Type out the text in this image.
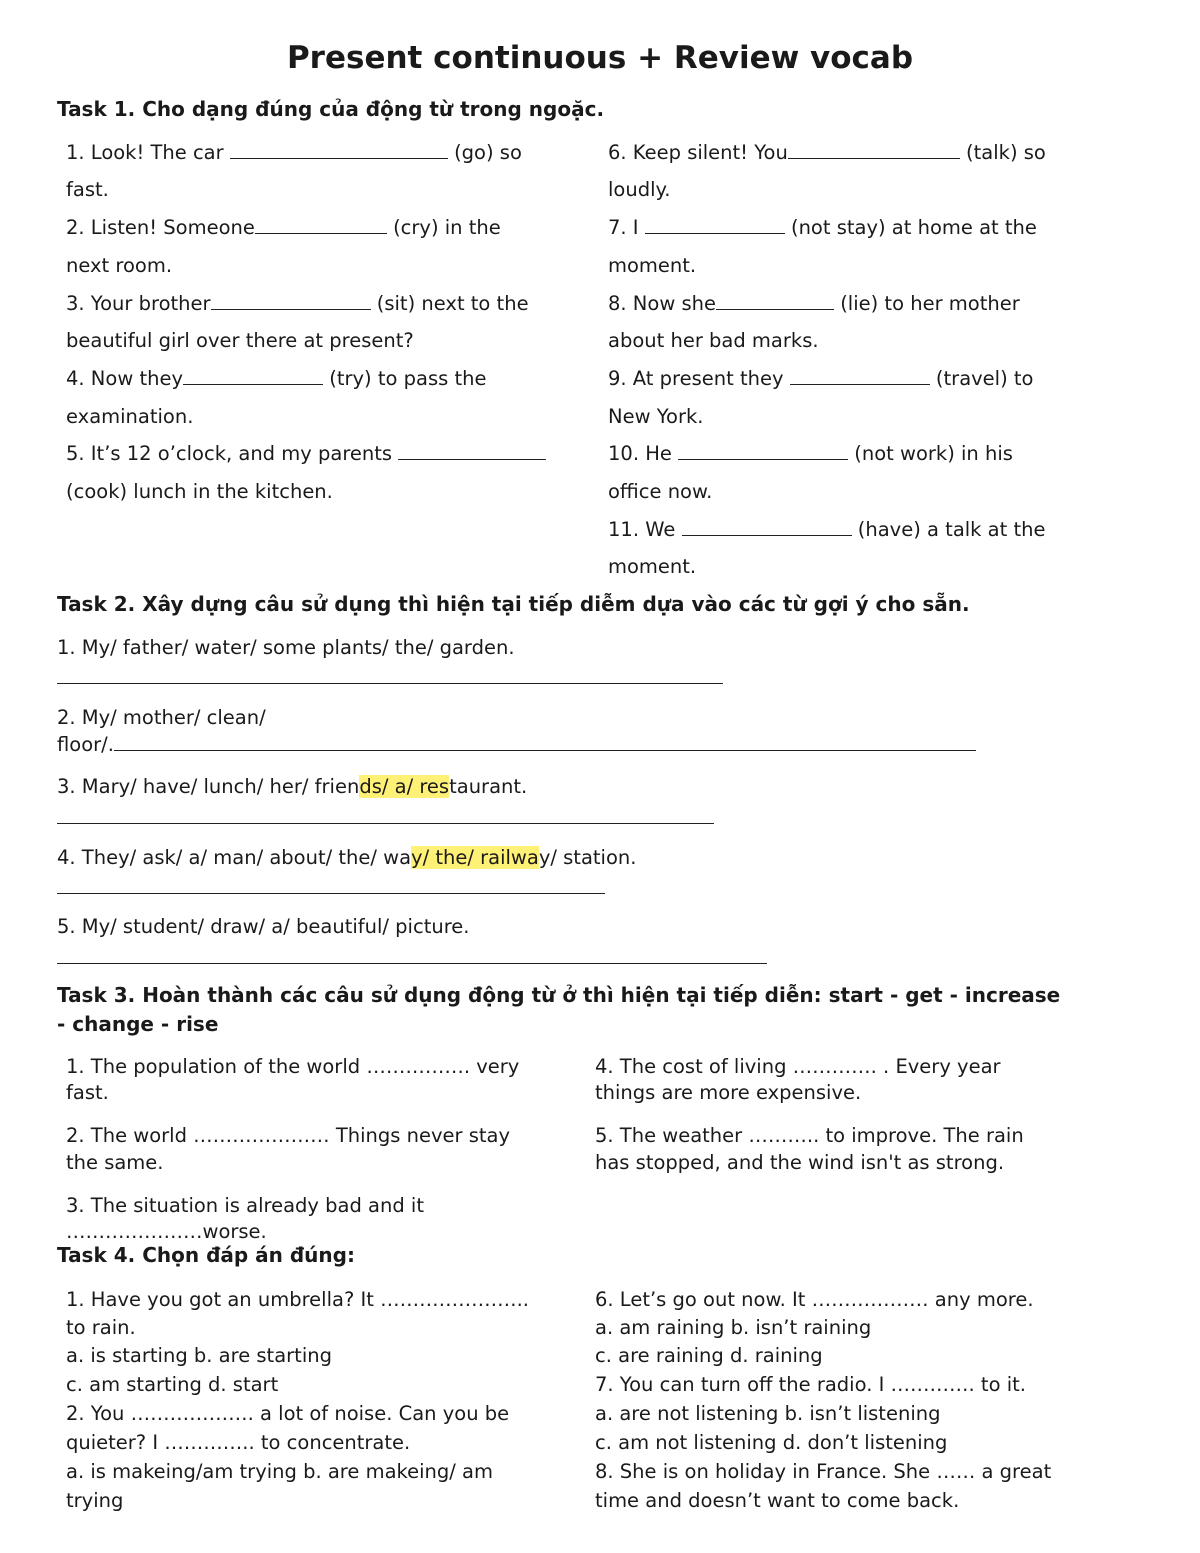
Present continuous + Review vocab
Task 1. Cho dạng đúng của động từ trong ngoặc.
1. Look! The car	(go) so
fast.
2. Listen! Someone	(cry) in the
next room.
3. Your brother	(sit) next to the
beautiful girl over there at present?
4. Now they	(try) to pass the
examination.
5. It’s 12 o’clock, and my parents
(cook) lunch in the kitchen.
6. Keep silent! You	(talk) so
loudly.
7. I	(not stay) at home at the
moment.
8. Now she	(lie) to her mother
about her bad marks.
9. At present they	(travel) to
New York.
10. He	(not work) in his
office now.
11. We	(have) a talk at the
moment.
Task 2. Xây dựng câu sử dụng thì hiện tại tiếp diễm dựa vào các từ gợi ý cho sẵn.
1. My/ father/ water/ some plants/ the/ garden.
2. My/ mother/ clean/
floor/.
3. Mary/ have/ lunch/ her/ friends/ a/ restaurant.
4. They/ ask/ a/ man/ about/ the/ way/ the/ railway/ station.
5. My/ student/ draw/ a/ beautiful/ picture.
Task 3. Hoàn thành các câu sử dụng động từ ở thì hiện tại tiếp diễn: start - get - increase
- change - rise
1. The population of the world ……………. very
fast.
2. The world ………………… Things never stay
the same.
3. The situation is already bad and it
…………………worse.
4. The cost of living …………. . Every year
things are more expensive.
5. The weather ……….. to improve. The rain
has stopped, and the wind isn't as strong.
Task 4. Chọn đáp án đúng:
1. Have you got an umbrella? It …………………..
to rain.
a. is starting b. are starting
c. am starting d. start
2. You ………………. a lot of noise. Can you be
quieter? I ………….. to concentrate.
a. is makeing/am trying b. are makeing/ am
trying
6. Let’s go out now. It ……………… any more.
a. am raining b. isn’t raining
c. are raining d. raining
7. You can turn off the radio. I …………. to it.
a. are not listening b. isn’t listening
c. am not listening d. don’t listening
8. She is on holiday in France. She …… a great
time and doesn’t want to come back.
